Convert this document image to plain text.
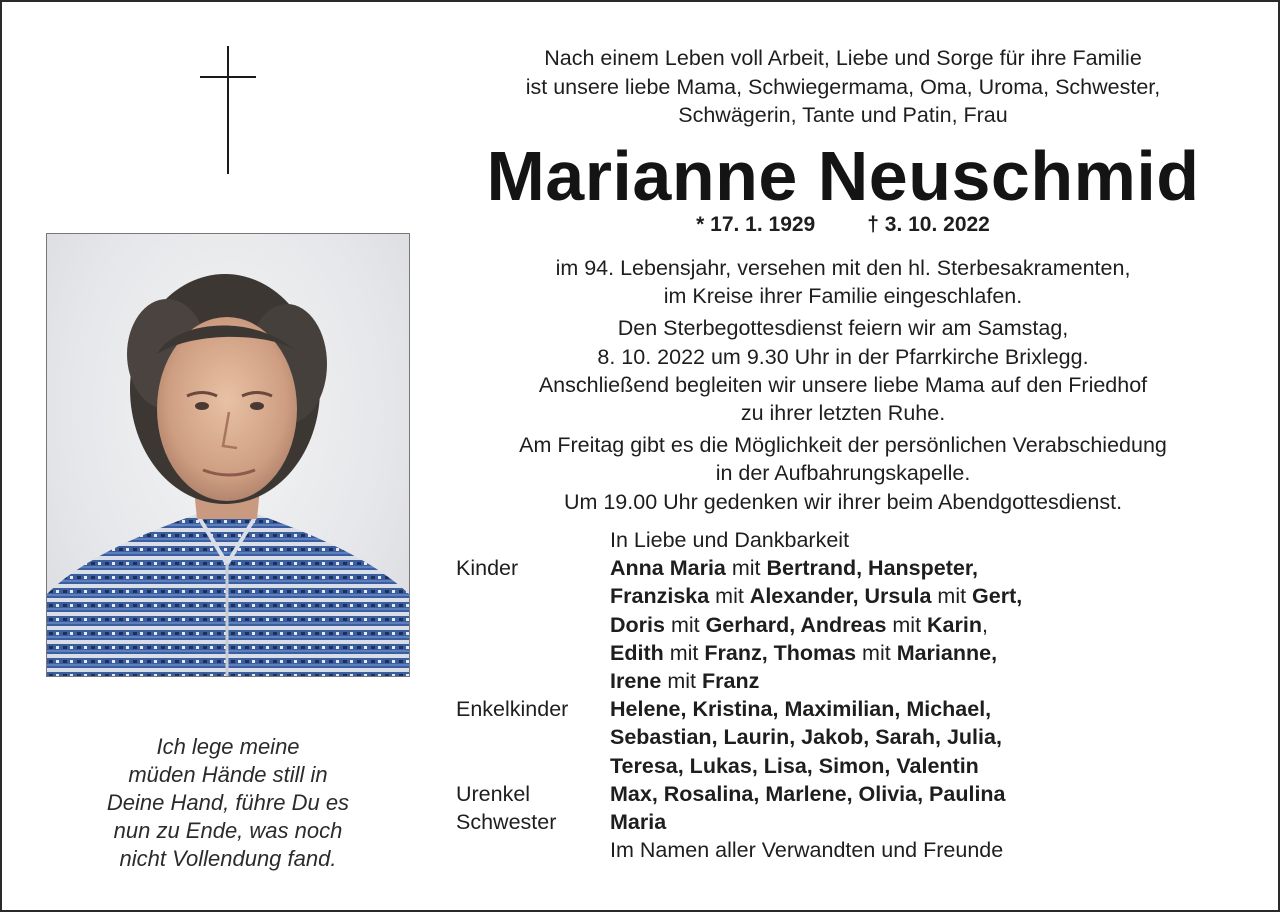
Ich lege meine
müden Hände still in
Deine Hand, führe Du es
nun zu Ende, was noch
nicht Vollendung fand.
Nach einem Leben voll Arbeit, Liebe und Sorge für ihre Familie
ist unsere liebe Mama, Schwiegermama, Oma, Uroma, Schwester,
Schwägerin, Tante und Patin, Frau
Marianne Neuschmid
* 17. 1. 1929 † 3. 10. 2022
im 94. Lebensjahr, versehen mit den hl. Sterbesakramenten,
im Kreise ihrer Familie eingeschlafen.
Den Sterbegottesdienst feiern wir am Samstag,
8. 10. 2022 um 9.30 Uhr in der Pfarrkirche Brixlegg.
Anschließend begleiten wir unsere liebe Mama auf den Friedhof
zu ihrer letzten Ruhe.
Am Freitag gibt es die Möglichkeit der persönlichen Verabschiedung
in der Aufbahrungskapelle.
Um 19.00 Uhr gedenken wir ihrer beim Abendgottesdienst.
In Liebe und Dankbarkeit
Kinder	Anna Maria mit Bertrand, Hanspeter,
Franziska mit Alexander, Ursula mit Gert,
Doris mit Gerhard, Andreas mit Karin,
Edith mit Franz, Thomas mit Marianne,
Irene mit Franz
Enkelkinder Helene, Kristina, Maximilian, Michael,
Sebastian, Laurin, Jakob, Sarah, Julia,
Teresa, Lukas, Lisa, Simon, Valentin
Urenkel	Max, Rosalina, Marlene, Olivia, Paulina
Schwester Maria
Im Namen aller Verwandten und Freunde
